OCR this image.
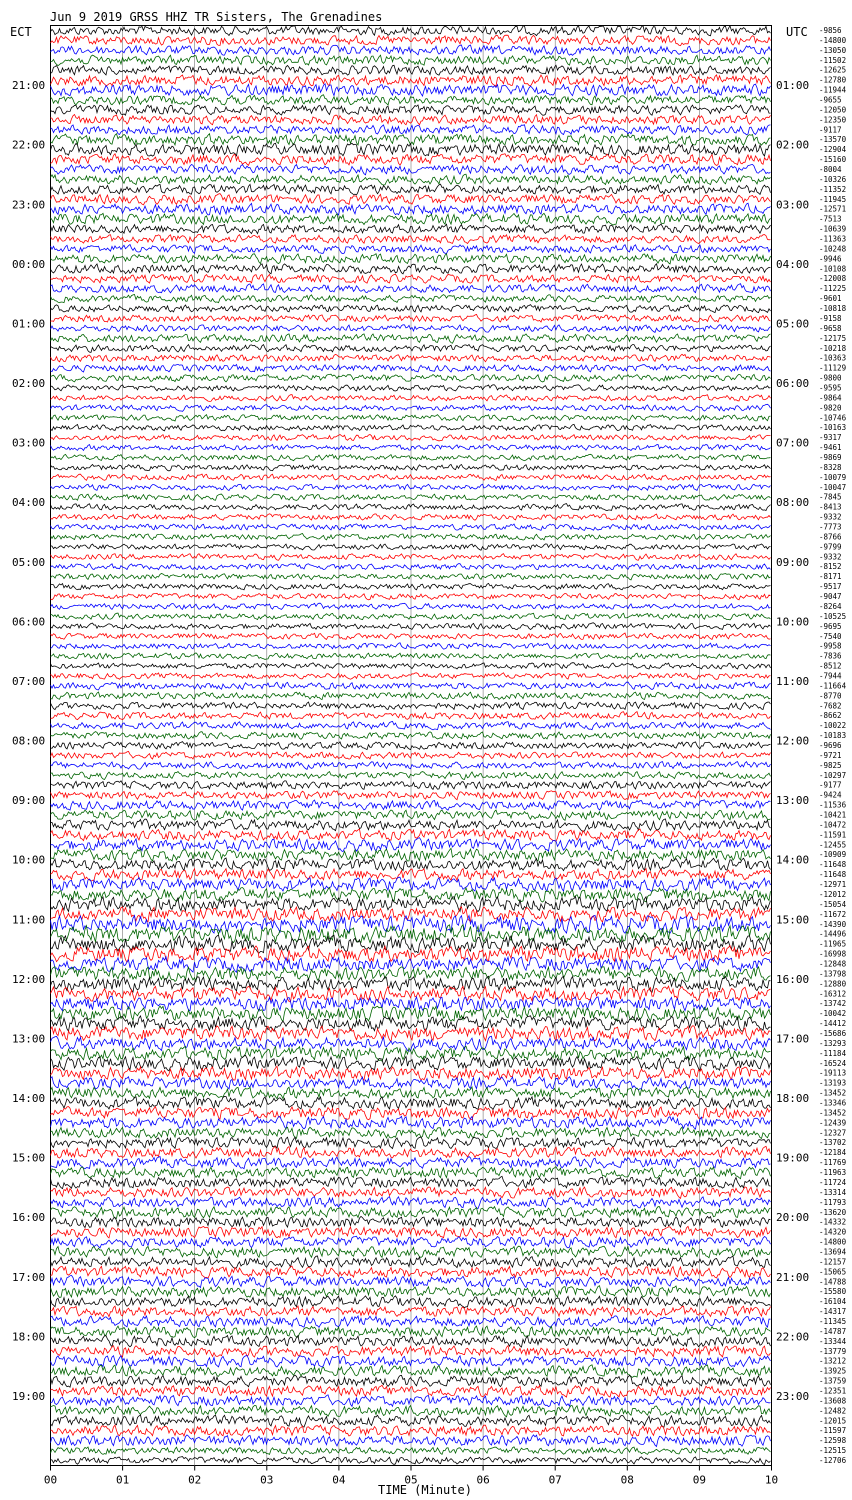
Jun 9 2019 GRSS HHZ TR Sisters, The Grenadines
ECT	UTC
21:00
22:00
23:00
00:00
01:00
02:00
03:00
04:00
05:00
06:00
07:00
08:00
09:00
10:00
11:00
12:00
13:00
14:00
15:00
16:00
17:00
18:00
19:00
01:00
02:00
03:00
04:00
05:00
06:00
07:00
08:00
09:00
10:00
11:00
12:00
13:00
14:00
15:00
16:00
17:00
18:00
19:00
20:00
21:00
22:00
23:00
-9856
-14800
-13050
-11502
-12625
-12780
-11944
-9655
-12050
-12350
-9117
-13570
-12904
-15160
-8004
-10326
-11352
-11945
-12571
-7513
-10639
-11363
-10248
-9946
-10108
-12008
-11225
-9601
-10818
-9158
-9658
-12175
-10218
-10363
-11129
-9800
-9595
-9864
-9820
-10746
-10163
-9317
-9461
-9869
-8328
-10079
-10047
-7845
-8413
-9332
-7773
-8766
-9799
-9332
-8152
-8171
-9517
-9047
-8264
-10525
-9695
-7540
-9958
-7836
-8512
-7944
-11664
-8770
-7682
-8662
-10022
-10183
-9696
-9721
-9825
-10297
-9177
-9424
-11536
-10421
-10472
-11591
-12455
-10909
-11648
-11648
-12971
-12012
-15054
-11672
-14390
-14496
-11965
-16998
-12848
-13798
-12880
-16312
-13742
-10042
-14412
-15686
-13293
-11184
-16524
-19113
-13193
-13452
-13346
-13452
-12439
-12327
-13702
-12184
-11769
-11963
-11724
-13314
-11793
-13620
-14332
-14320
-14800
-13694
-12157
-15065
-14788
-15580
-16104
-14317
-11345
-14787
-13344
-13779
-13212
-13925
-13759
-12351
-13608
-12482
-12015
-11597
-12598
-12515
-12706
00	01	02	03	04	05	06	07	08	09	10
TIME (Minute)
